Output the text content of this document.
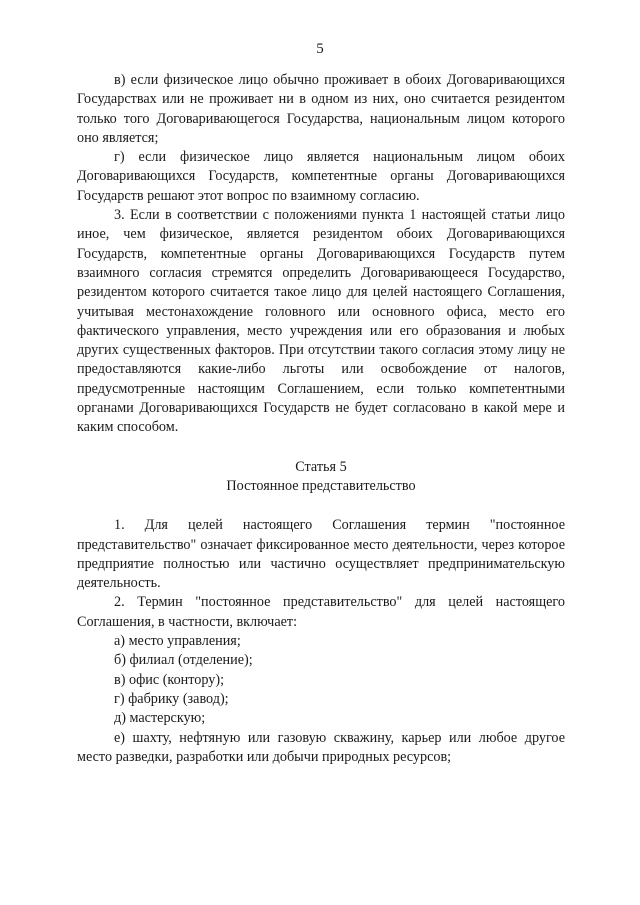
5

в) если физическое лицо обычно проживает в обоих Договаривающихся Государствах или не проживает ни в одном из них, оно считается резидентом только того Договаривающегося Государства, национальным лицом которого оно является;

г) если физическое лицо является национальным лицом обоих Договаривающихся Государств, компетентные органы Договаривающихся Государств решают этот вопрос по взаимному согласию.

3. Если в соответствии с положениями пункта 1 настоящей статьи лицо иное, чем физическое, является резидентом обоих Договаривающихся Государств, компетентные органы Договаривающихся Государств путем взаимного согласия стремятся определить Договаривающееся Государство, резидентом которого считается такое лицо для целей настоящего Соглашения, учитывая местонахождение головного или основного офиса, место его фактического управления, место учреждения или его образования и любых других существенных факторов. При отсутствии такого согласия этому лицу не предоставляются какие-либо льготы или освобождение от налогов, предусмотренные настоящим Соглашением, если только компетентными органами Договаривающихся Государств не будет согласовано в какой мере и каким способом.

Статья 5

Постоянное представительство

1. Для целей настоящего Соглашения термин "постоянное представительство" означает фиксированное место деятельности, через которое предприятие полностью или частично осуществляет предпринимательскую деятельность.

2. Термин "постоянное представительство" для целей настоящего Соглашения, в частности, включает:

а) место управления;

б) филиал (отделение);

в) офис (контору);

г) фабрику (завод);

д) мастерскую;

е) шахту, нефтяную или газовую скважину, карьер или любое другое место разведки, разработки или добычи природных ресурсов;
